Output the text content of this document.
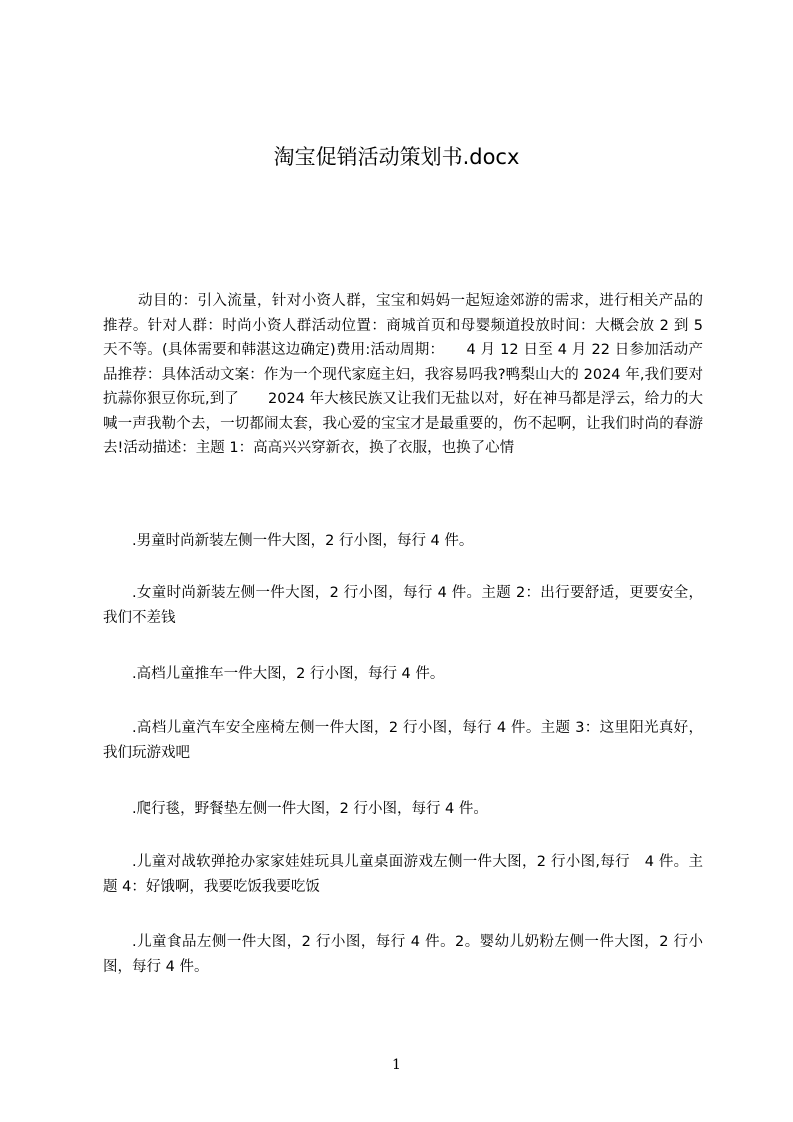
淘宝促销活动策划书.docx

动目的：引入流量，针对小资人群，宝宝和妈妈一起短途郊游的需求，进行相关产品的推荐。针对人群：时尚小资人群活动位置：商城首页和母婴频道投放时间：大概会放 2 到 5 天不等。(具体需要和韩湛这边确定)费用:活动周期：　　4 月 12 日至 4 月 22 日参加活动产品推荐：具体活动文案：作为一个现代家庭主妇，我容易吗我?鸭梨山大的 2024 年,我们要对抗蒜你狠豆你玩,到了　　2024 年大核民族又让我们无盐以对，好在神马都是浮云，给力的大喊一声我勒个去，一切都闹太套，我心爱的宝宝才是最重要的，伤不起啊，让我们时尚的春游去!活动描述：主题 1：高高兴兴穿新衣，换了衣服，也换了心情

.男童时尚新装左侧一件大图，2 行小图，每行 4 件。

.女童时尚新装左侧一件大图，2 行小图，每行 4 件。主题 2：出行要舒适，更要安全，我们不差钱

.高档儿童推车一件大图，2 行小图，每行 4 件。

.高档儿童汽车安全座椅左侧一件大图，2 行小图，每行 4 件。主题 3：这里阳光真好，我们玩游戏吧

.爬行毯，野餐垫左侧一件大图，2 行小图，每行 4 件。

.儿童对战软弹抢办家家娃娃玩具儿童桌面游戏左侧一件大图，2 行小图,每行　4 件。主题 4：好饿啊，我要吃饭我要吃饭

.儿童食品左侧一件大图，2 行小图，每行 4 件。2。婴幼儿奶粉左侧一件大图，2 行小图，每行 4 件。

1
